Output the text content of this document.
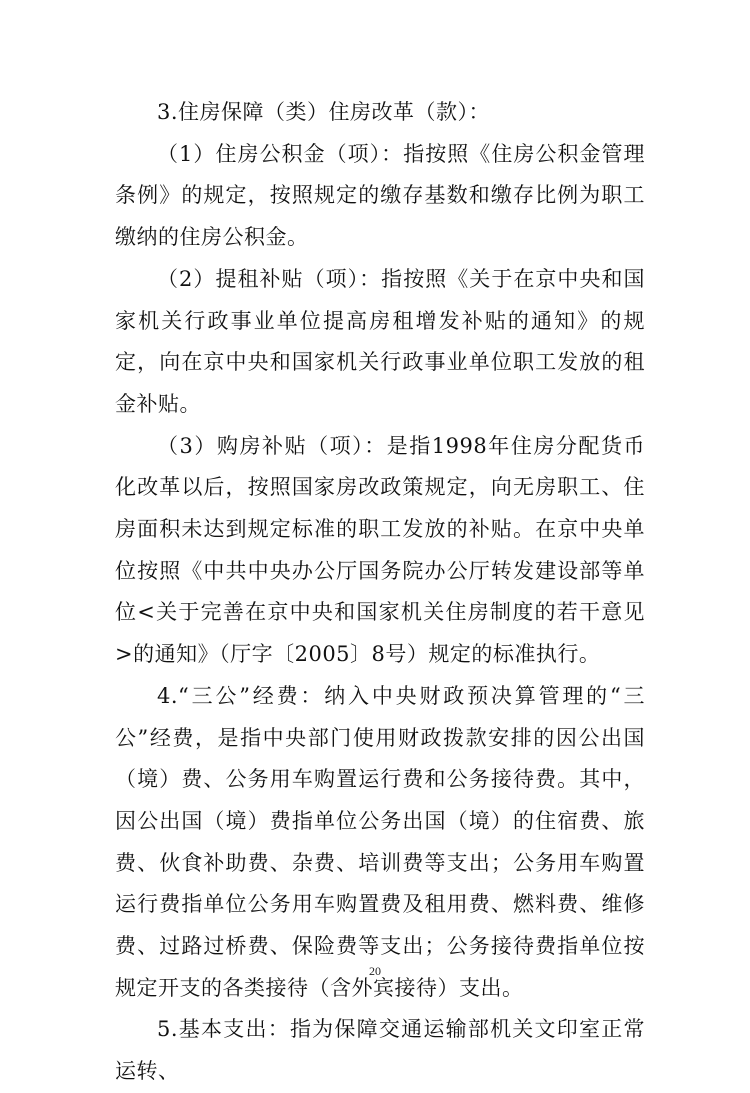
3.住房保障（类）住房改革（款）：

（1）住房公积金（项）：指按照《住房公积金管理条例》的规定，按照规定的缴存基数和缴存比例为职工缴纳的住房公积金。

（2）提租补贴（项）：指按照《关于在京中央和国家机关行政事业单位提高房租增发补贴的通知》的规定，向在京中央和国家机关行政事业单位职工发放的租金补贴。

（3）购房补贴（项）：是指1998年住房分配货币化改革以后，按照国家房改政策规定，向无房职工、住房面积未达到规定标准的职工发放的补贴。在京中央单位按照《中共中央办公厅国务院办公厅转发建设部等单位<关于完善在京中央和国家机关住房制度的若干意见>的通知》（厅字〔2005〕8号）规定的标准执行。

4.“三公”经费：纳入中央财政预决算管理的“三公”经费，是指中央部门使用财政拨款安排的因公出国（境）费、公务用车购置运行费和公务接待费。其中，因公出国（境）费指单位公务出国（境）的住宿费、旅费、伙食补助费、杂费、培训费等支出；公务用车购置运行费指单位公务用车购置费及租用费、燃料费、维修费、过路过桥费、保险费等支出；公务接待费指单位按规定开支的各类接待（含外宾接待）支出。

5.基本支出：指为保障交通运输部机关文印室正常运转、

20
